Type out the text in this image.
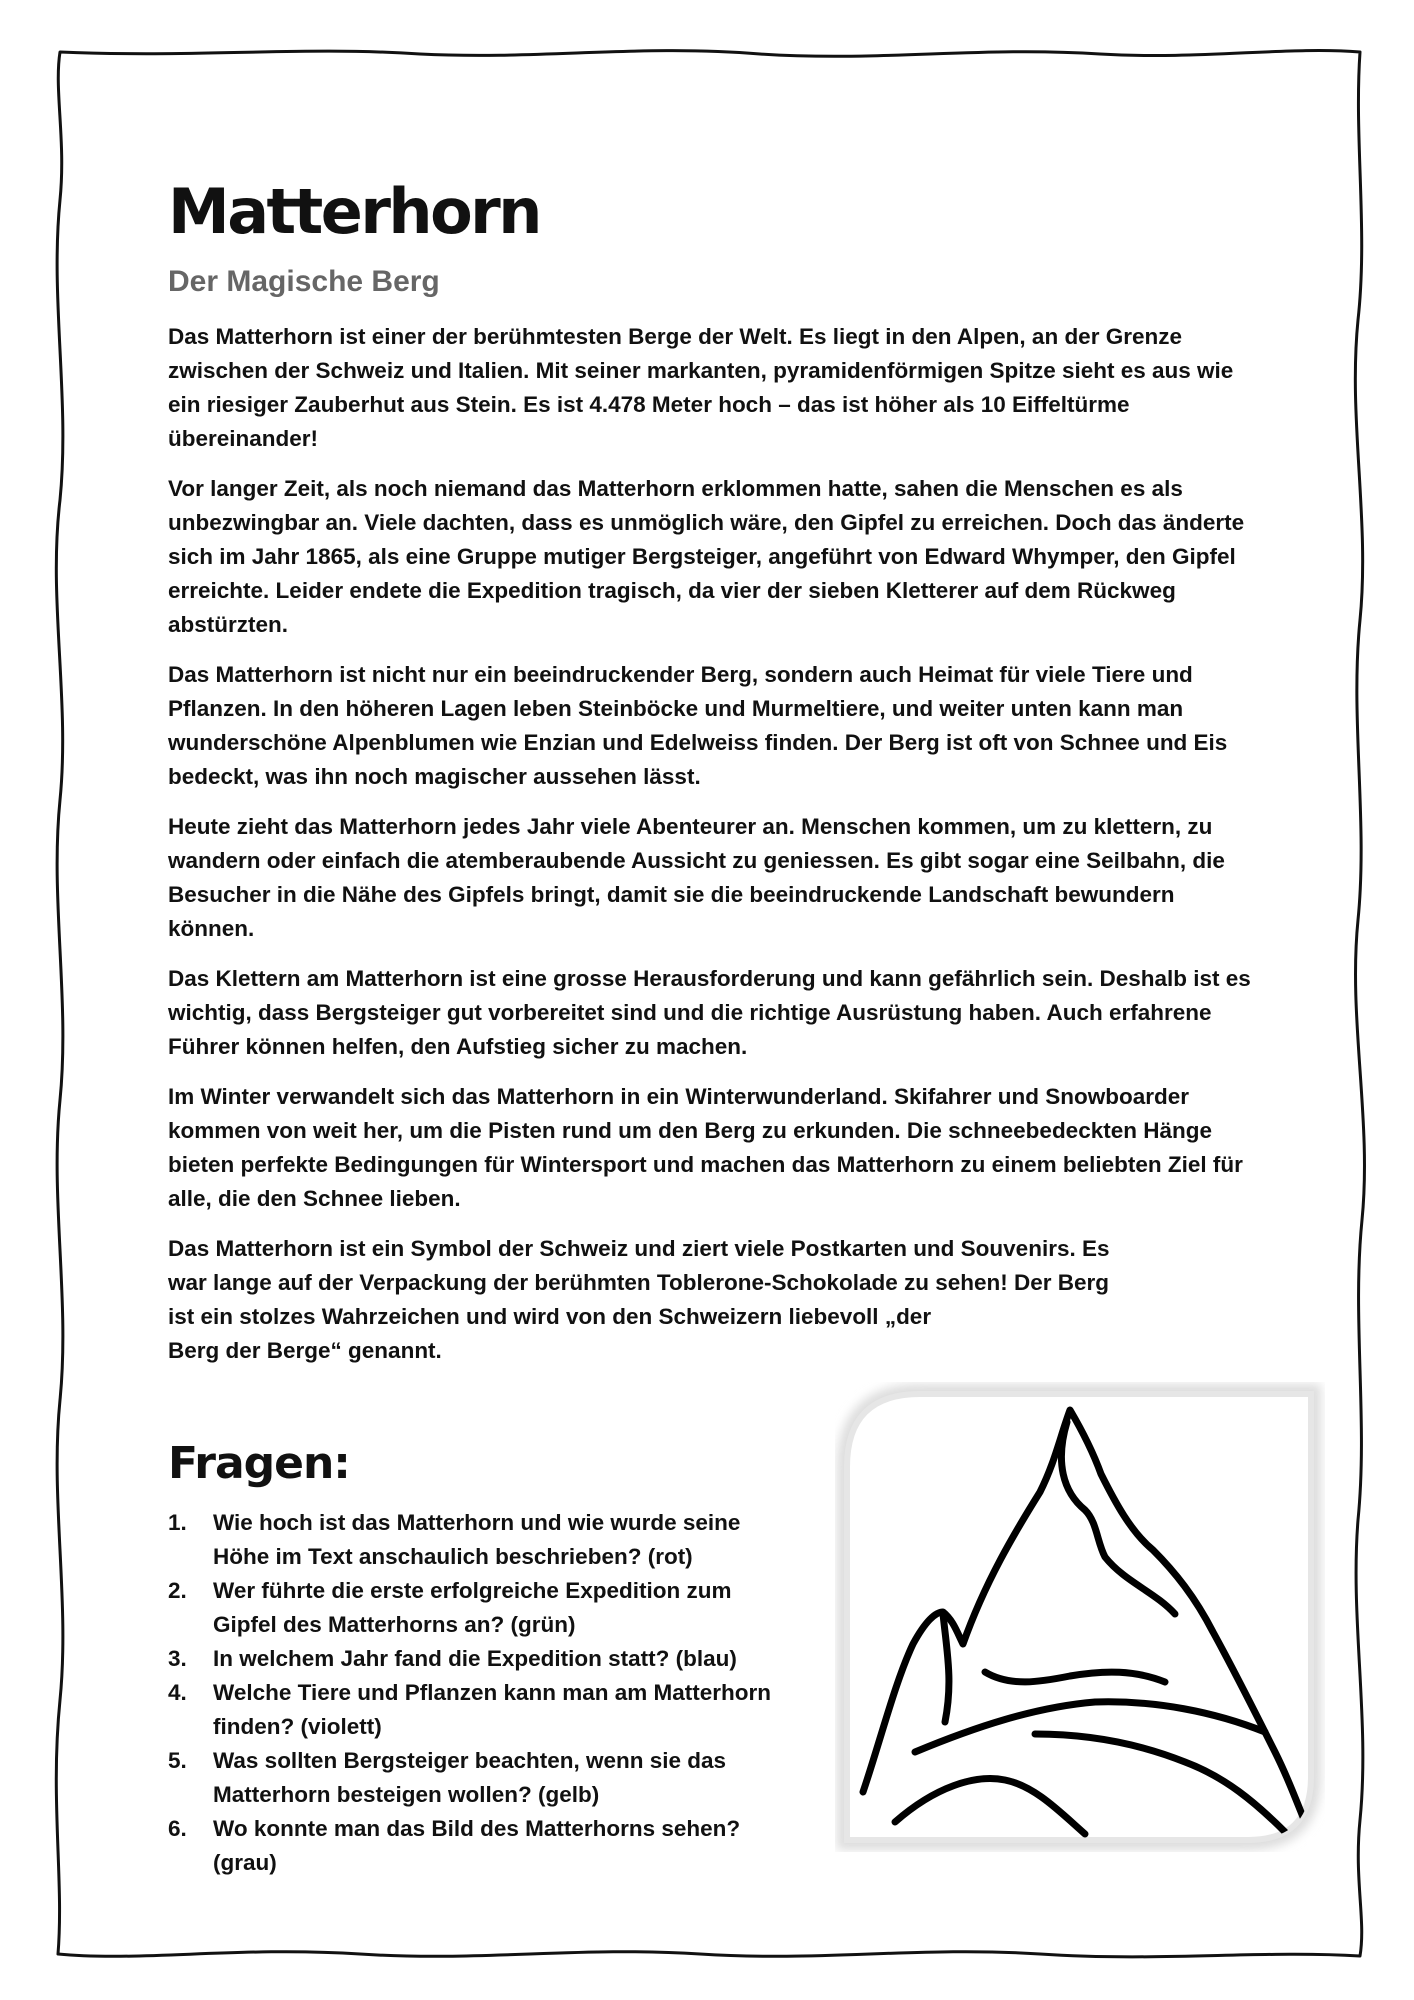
Matterhorn
Der Magische Berg

Das Matterhorn ist einer der berühmtesten Berge der Welt. Es liegt in den Alpen, an der Grenze zwischen der Schweiz und Italien. Mit seiner markanten, pyramidenförmigen Spitze sieht es aus wie ein riesiger Zauberhut aus Stein. Es ist 4.478 Meter hoch – das ist höher als 10 Eiffeltürme übereinander!

Vor langer Zeit, als noch niemand das Matterhorn erklommen hatte, sahen die Menschen es als unbezwingbar an. Viele dachten, dass es unmöglich wäre, den Gipfel zu erreichen. Doch das änderte sich im Jahr 1865, als eine Gruppe mutiger Bergsteiger, angeführt von Edward Whymper, den Gipfel erreichte. Leider endete die Expedition tragisch, da vier der sieben Kletterer auf dem Rückweg abstürzten.

Das Matterhorn ist nicht nur ein beeindruckender Berg, sondern auch Heimat für viele Tiere und Pflanzen. In den höheren Lagen leben Steinböcke und Murmeltiere, und weiter unten kann man wunderschöne Alpenblumen wie Enzian und Edelweiss finden. Der Berg ist oft von Schnee und Eis bedeckt, was ihn noch magischer aussehen lässt.

Heute zieht das Matterhorn jedes Jahr viele Abenteurer an. Menschen kommen, um zu klettern, zu wandern oder einfach die atemberaubende Aussicht zu geniessen. Es gibt sogar eine Seilbahn, die Besucher in die Nähe des Gipfels bringt, damit sie die beeindruckende Landschaft bewundern können.

Das Klettern am Matterhorn ist eine grosse Herausforderung und kann gefährlich sein. Deshalb ist es wichtig, dass Bergsteiger gut vorbereitet sind und die richtige Ausrüstung haben. Auch erfahrene Führer können helfen, den Aufstieg sicher zu machen.

Im Winter verwandelt sich das Matterhorn in ein Winterwunderland. Skifahrer und Snowboarder kommen von weit her, um die Pisten rund um den Berg zu erkunden. Die schneebedeckten Hänge bieten perfekte Bedingungen für Wintersport und machen das Matterhorn zu einem beliebten Ziel für alle, die den Schnee lieben.

Das Matterhorn ist ein Symbol der Schweiz und ziert viele Postkarten und Souvenirs. Es war lange auf der Verpackung der berühmten Toblerone-Schokolade zu sehen! Der Berg ist ein stolzes Wahrzeichen und wird von den Schweizern liebevoll „der
Berg der Berge“ genannt.

Fragen:
1.	Wie hoch ist das Matterhorn und wie wurde seine Höhe im Text anschaulich beschrieben? (rot)
2.	Wer führte die erste erfolgreiche Expedition zum Gipfel des Matterhorns an? (grün)
3.	In welchem Jahr fand die Expedition statt? (blau)
4.	Welche Tiere und Pflanzen kann man am Matterhorn finden? (violett)
5.	Was sollten Bergsteiger beachten, wenn sie das Matterhorn besteigen wollen? (gelb)
6.	Wo konnte man das Bild des Matterhorns sehen? (grau)
